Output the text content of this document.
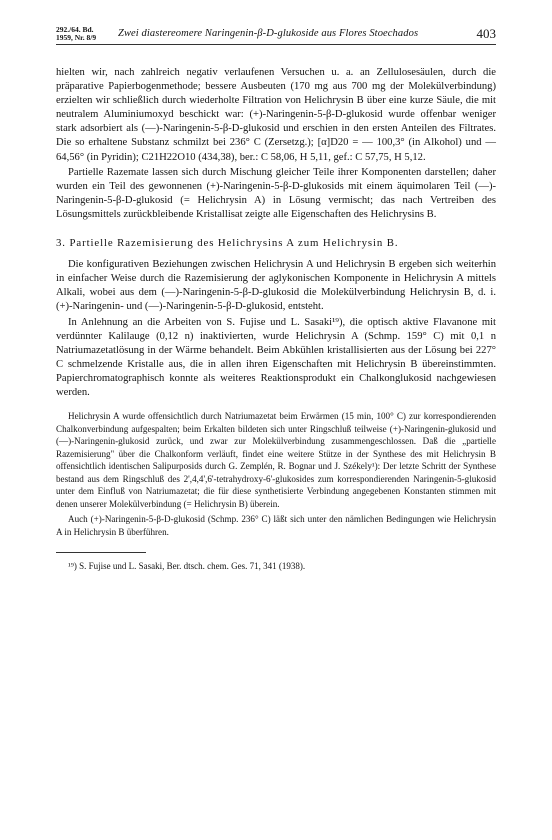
292./64. Bd.
1959, Nr. 8/9 Zwei diastereomere Naringenin-β-D-glukoside aus Flores Stoechados	403

hielten wir, nach zahlreich negativ verlaufenen Versuchen u. a. an Zellulosesäulen, durch die präparative Papierbogenmethode; bessere Ausbeuten (170 mg aus 700 mg der Molekülverbindung) erzielten wir schließlich durch wiederholte Filtration von Helichrysin B über eine kurze Säule, die mit neutralem Aluminiumoxyd beschickt war: (+)-Naringenin-5-β-D-glukosid wurde offenbar weniger stark adsorbiert als (—)-Naringenin-5-β-D-glukosid und erschien in den ersten Anteilen des Filtrates. Die so erhaltene Substanz schmilzt bei 236° C (Zersetzg.); [α]D20 = — 100,3° (in Alkohol) und — 64,56° (in Pyridin); C21H22O10 (434,38), ber.: C 58,06, H 5,11, gef.: C 57,75, H 5,12.

Partielle Razemate lassen sich durch Mischung gleicher Teile ihrer Komponenten darstellen; daher wurden ein Teil des gewonnenen (+)-Naringenin-5-β-D-glukosids mit einem äquimolaren Teil (—)-Naringenin-5-β-D-glukosid (= Helichrysin A) in Lösung vermischt; das nach Vertreiben des Lösungsmittels zurückbleibende Kristallisat zeigte alle Eigenschaften des Helichrysins B.

3. Partielle Razemisierung des Helichrysins A zum Helichrysin B.

Die konfigurativen Beziehungen zwischen Helichrysin A und Helichrysin B ergeben sich weiterhin in einfacher Weise durch die Razemisierung der aglykonischen Komponente in Helichrysin A mittels Alkali, wobei aus dem (—)-Naringenin-5-β-D-glukosid die Molekülverbindung Helichrysin B, d. i. (+)-Naringenin- und (—)-Naringenin-5-β-D-glukosid, entsteht.

In Anlehnung an die Arbeiten von S. Fujise und L. Sasaki¹⁹), die optisch aktive Flavanone mit verdünnter Kalilauge (0,12 n) inaktivierten, wurde Helichrysin A (Schmp. 159° C) mit 0,1 n Natriumazetatlösung in der Wärme behandelt. Beim Abkühlen kristallisierten aus der Lösung bei 227° C schmelzende Kristalle aus, die in allen ihren Eigenschaften mit Helichrysin B übereinstimmten. Papierchromatographisch konnte als weiteres Reaktionsprodukt ein Chalkonglukosid nachgewiesen werden.

Helichrysin A wurde offensichtlich durch Natriumazetat beim Erwärmen (15 min, 100° C) zur korrespondierenden Chalkonverbindung aufgespalten; beim Erkalten bildeten sich unter Ringschluß teilweise (+)-Naringenin-glukosid und (—)-Naringenin-glukosid zurück, und zwar zur Molekülverbindung zusammengeschlossen. Daß die „partielle Razemisierung" über die Chalkonform verläuft, findet eine weitere Stütze in der Synthese des mit Helichrysin B offensichtlich identischen Salipurposids durch G. Zemplén, R. Bognar und J. Székely¹): Der letzte Schritt der Synthese bestand aus dem Ringschluß des 2',4,4',6'-tetrahydroxy-6'-glukosides zum korrespondierenden Naringenin-5-glukosid unter dem Einfluß von Natriumazetat; die für diese synthetisierte Verbindung angegebenen Konstanten stimmen mit denen unserer Molekülverbindung (= Helichrysin B) überein.

Auch (+)-Naringenin-5-β-D-glukosid (Schmp. 236° C) läßt sich unter den nämlichen Bedingungen wie Helichrysin A in Helichrysin B überführen.

¹⁹) S. Fujise und L. Sasaki, Ber. dtsch. chem. Ges. 71, 341 (1938).
